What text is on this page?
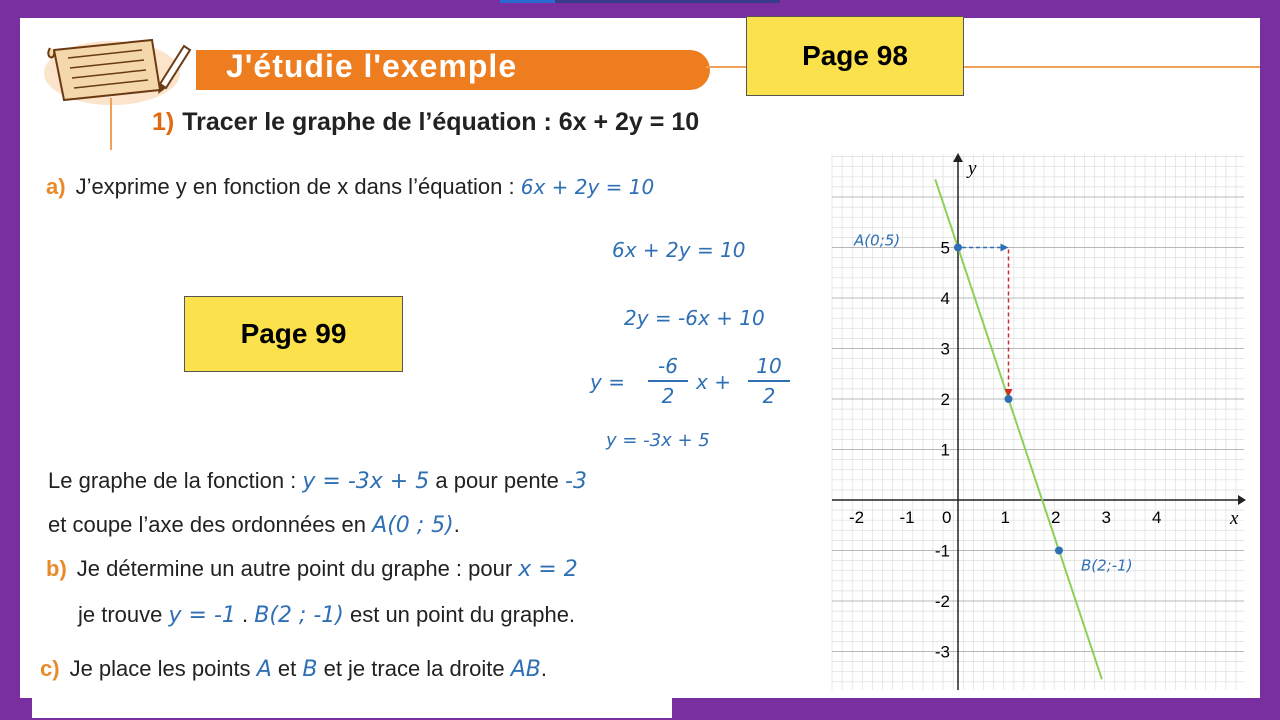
J'étudie l'exemple	Page 98
Page 99
1) Tracer le graphe de l’équation : 6x + 2y = 10
a) J’exprime y en fonction de x dans l’équation : 6x + 2y = 10
6x + 2y = 10
2y = -6x + 10
y =
-6
2
x +
10
2
y = -3x + 5
Le graphe de la fonction : y = -3x + 5 a pour pente -3
et coupe l’axe des ordonnées en A(0 ; 5).
b) Je détermine un autre point du graphe : pour x = 2
je trouve y = -1 . B(2 ; -1) est un point du graphe.
c) Je place les points A et B et je trace la droite AB.
x
y
-2 -1 0	1 2 3 4
5
4
3
2
1
-1
-2
-3
A(0;5)
B(2;-1)
